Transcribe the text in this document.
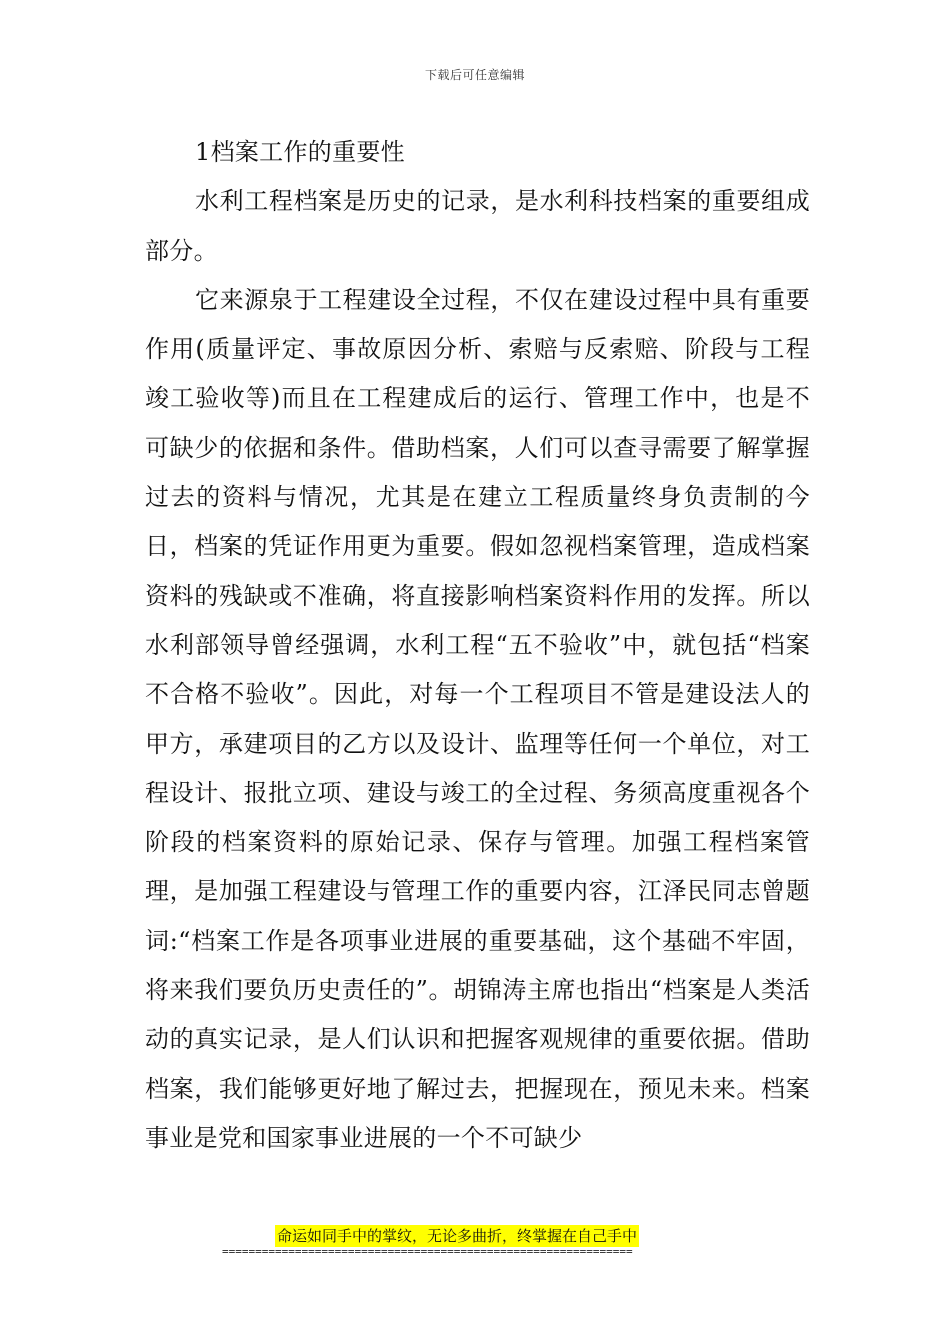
下载后可任意编辑
1档案工作的重要性

水利工程档案是历史的记录，是水利科技档案的重要组成部分。

它来源泉于工程建设全过程，不仅在建设过程中具有重要作用(质量评定、事故原因分析、索赔与反索赔、阶段与工程竣工验收等)而且在工程建成后的运行、管理工作中，也是不可缺少的依据和条件。借助档案，人们可以查寻需要了解掌握过去的资料与情况，尤其是在建立工程质量终身负责制的今日，档案的凭证作用更为重要。假如忽视档案管理，造成档案资料的残缺或不准确，将直接影响档案资料作用的发挥。所以水利部领导曾经强调，水利工程“五不验收”中，就包括“档案不合格不验收”。因此，对每一个工程项目不管是建设法人的甲方，承建项目的乙方以及设计、监理等任何一个单位，对工程设计、报批立项、建设与竣工的全过程、务须高度重视各个阶段的档案资料的原始记录、保存与管理。加强工程档案管理，是加强工程建设与管理工作的重要内容，江泽民同志曾题词:“档案工作是各项事业进展的重要基础，这个基础不牢固，将来我们要负历史责任的”。胡锦涛主席也指出“档案是人类活动的真实记录，是人们认识和把握客观规律的重要依据。借助档案，我们能够更好地了解过去，把握现在，预见未来。档案事业是党和国家事业进展的一个不可缺少

命运如同手中的掌纹，无论多曲折，终掌握在自己手中
==============================================================
